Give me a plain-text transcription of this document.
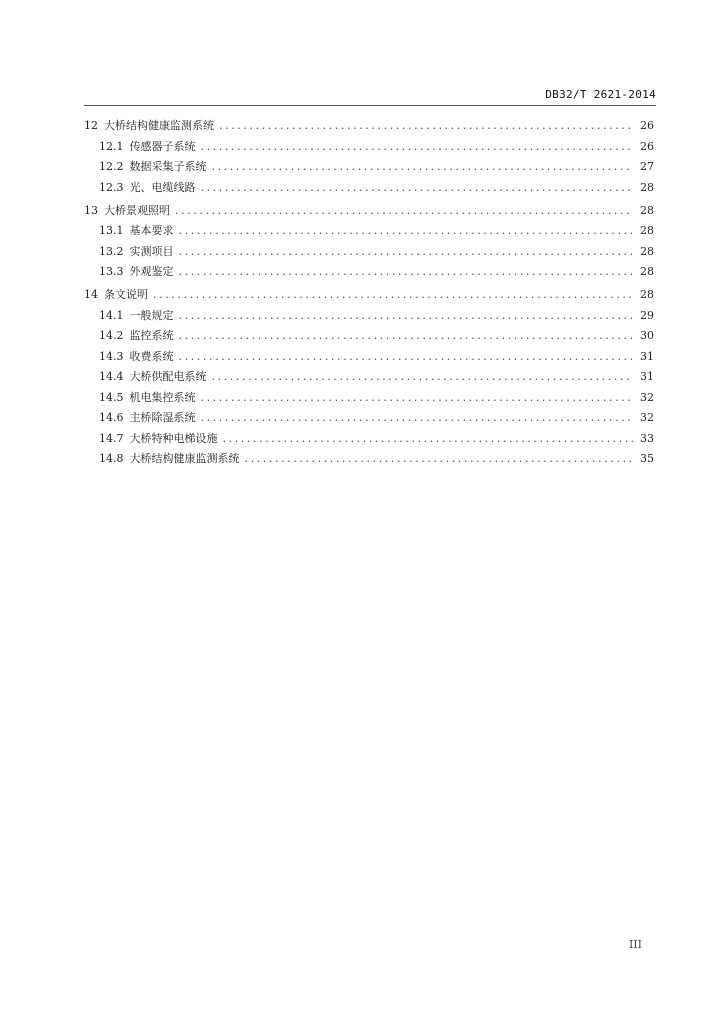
DB32/T 2621-2014
12 大桥结构健康监测系统 .....	26
12.1 传感器子系统 .....	26
12.2 数据采集子系统 .....	27
12.3 光、电缆线路 .....	28
13 大桥景观照明 .....	28
13.1 基本要求 .....	28
13.2 实测项目 .....	28
13.3 外观鉴定 .....	28
14 条文说明 .....	28
14.1 一般规定 .....	29
14.2 监控系统 .....	30
14.3 收费系统 .....	31
14.4 大桥供配电系统 .....	31
14.5 机电集控系统 .....	32
14.6 主桥除湿系统 .....	32
14.7 大桥特种电梯设施 .....	33
14.8 大桥结构健康监测系统 .....	35
III
